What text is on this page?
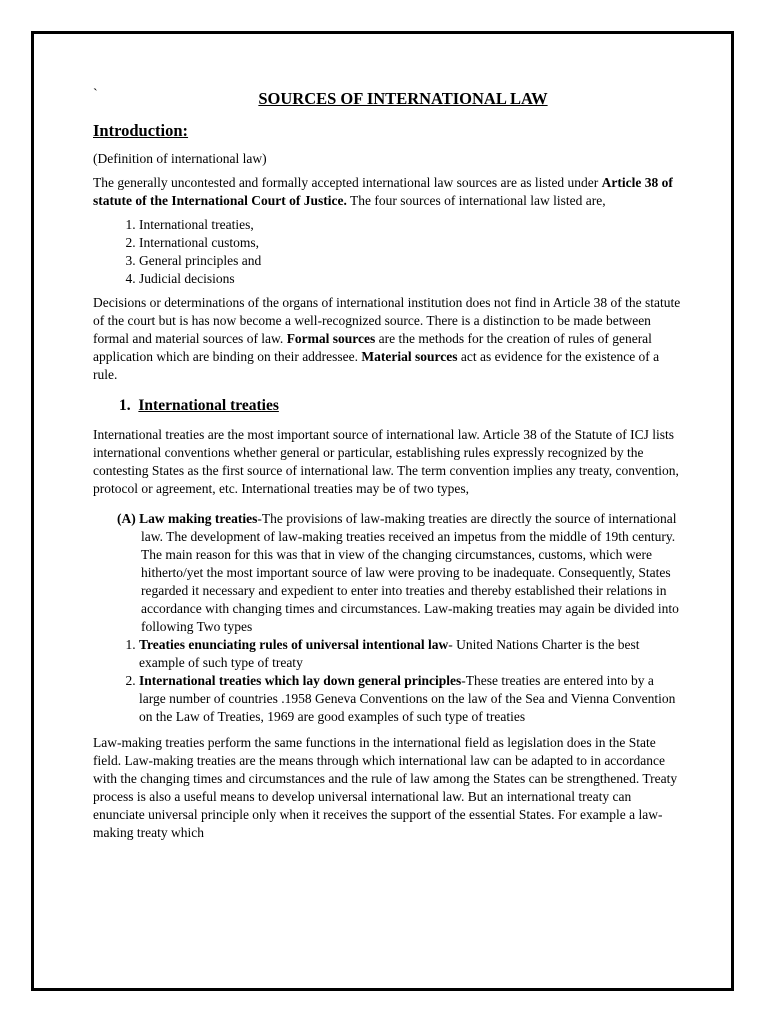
`	SOURCES OF INTERNATIONAL LAW
Introduction:

(Definition of international law)

The generally uncontested and formally accepted international law sources are as listed under Article 38 of statute of the International Court of Justice. The four sources of international law listed are,

1. International treaties,
2. International customs,
3. General principles and
4. Judicial decisions

Decisions or determinations of the organs of international institution does not find in Article 38 of the statute of the court but is has now become a well-recognized source. There is a distinction to be made between formal and material sources of law. Formal sources are the methods for the creation of rules of general application which are binding on their addressee. Material sources act as evidence for the existence of a rule.

1. International treaties

International treaties are the most important source of international law. Article 38 of the Statute of ICJ lists international conventions whether general or particular, establishing rules expressly recognized by the contesting States as the first source of international law. The term convention implies any treaty, convention, protocol or agreement, etc. International treaties may be of two types,

(A) Law making treaties-The provisions of law-making treaties are directly the source of international law. The development of law-making treaties received an impetus from the middle of 19th century. The main reason for this was that in view of the changing circumstances, customs, which were hitherto/yet the most important source of law were proving to be inadequate. Consequently, States regarded it necessary and expedient to enter into treaties and thereby established their relations in accordance with changing times and circumstances. Law-making treaties may again be divided into following Two types
1. Treaties enunciating rules of universal intentional law- United Nations Charter is the best example of such type of treaty
2. International treaties which lay down general principles-These treaties are entered into by a large number of countries .1958 Geneva Conventions on the law of the Sea and Vienna Convention on the Law of Treaties, 1969 are good examples of such type of treaties

Law-making treaties perform the same functions in the international field as legislation does in the State field. Law-making treaties are the means through which international law can be adapted to in accordance with the changing times and circumstances and the rule of law among the States can be strengthened. Treaty process is also a useful means to develop universal international law. But an international treaty can enunciate universal principle only when it receives the support of the essential States. For example a law-making treaty which
